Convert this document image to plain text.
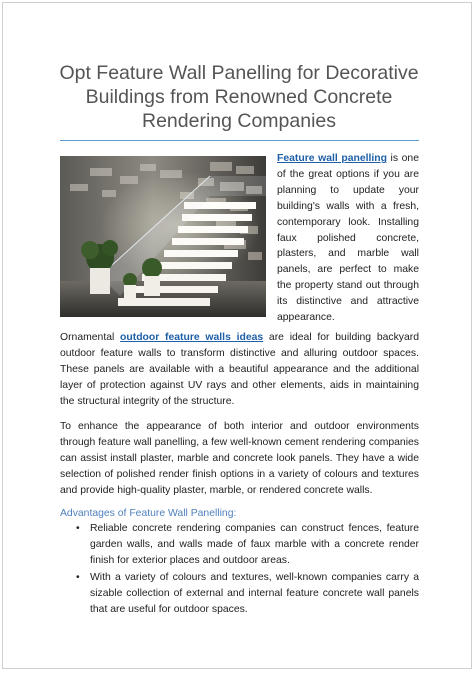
Opt Feature Wall Panelling for Decorative Buildings from Renowned Concrete Rendering Companies

Feature wall panelling is one of the great options if you are planning to update your building's walls with a fresh, contemporary look. Installing faux polished concrete, plasters, and marble wall panels, are perfect to make the property stand out through its distinctive and attractive appearance.

Ornamental outdoor feature walls ideas are ideal for building backyard outdoor feature walls to transform distinctive and alluring outdoor spaces. These panels are available with a beautiful appearance and the additional layer of protection against UV rays and other elements, aids in maintaining the structural integrity of the structure.

To enhance the appearance of both interior and outdoor environments through feature wall panelling, a few well-known cement rendering companies can assist install plaster, marble and concrete look panels. They have a wide selection of polished render finish options in a variety of colours and textures and provide high-quality plaster, marble, or rendered concrete walls.

Advantages of Feature Wall Panelling:

• Reliable concrete rendering companies can construct fences, feature garden walls, and walls made of faux marble with a concrete render finish for exterior places and outdoor areas.
• With a variety of colours and textures, well-known companies carry a sizable collection of external and internal feature concrete wall panels that are useful for outdoor spaces.
